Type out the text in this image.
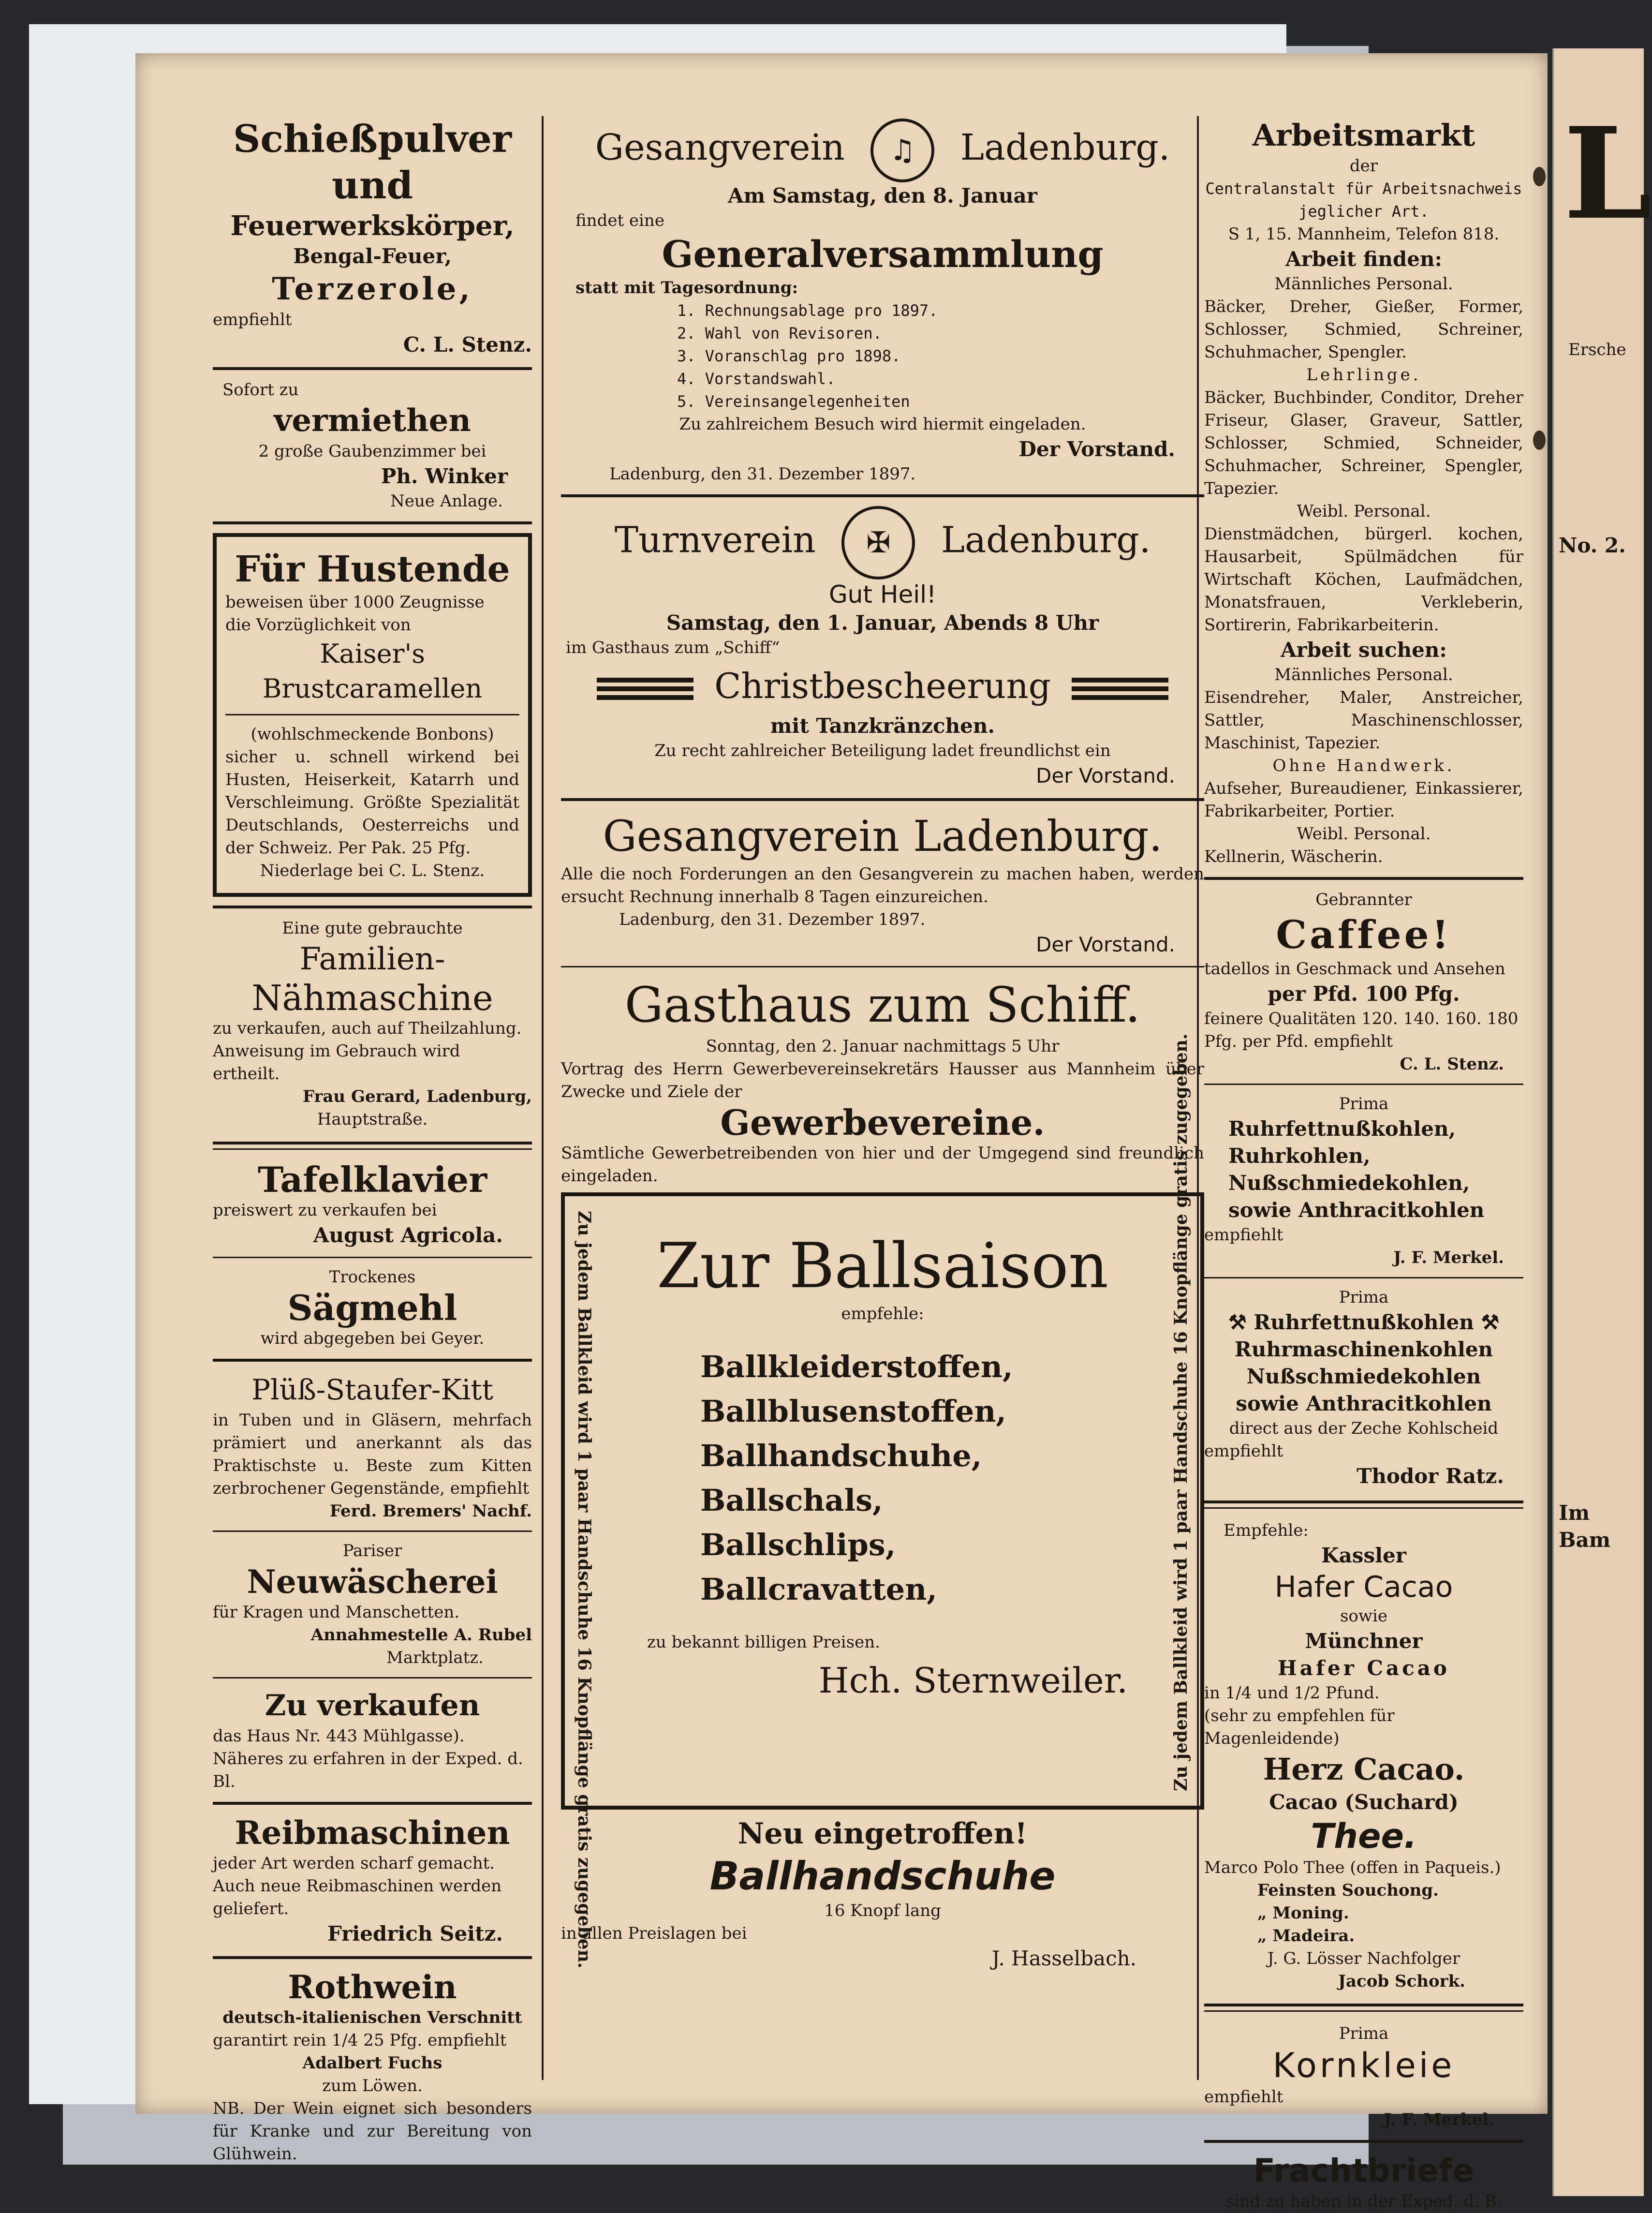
Schießpulver und
Feuerwerkskörper,
Bengal-Feuer,
Terzerole,
empfiehlt
C. L. Stenz.
Sofort zu
vermiethen
2 große Gaubenzimmer bei
Ph. Winker
Neue Anlage.
Für Hustende
beweisen über 1000 Zeugnisse
die Vorzüglichkeit von
Kaiser's Brustcaramellen
(wohlschmeckende Bonbons)
sicher u. schnell wirkend bei Husten, Heiserkeit, Katarrh und Verschleimung. Größte Spezialität Deutschlands, Oesterreichs und der Schweiz. Per Pak. 25 Pfg.
Niederlage bei C. L. Stenz.
Eine gute gebrauchte
Familien-
Nähmaschine
zu verkaufen, auch auf Theilzahlung.
Anweisung im Gebrauch wird ertheilt.
Frau Gerard, Ladenburg,
Hauptstraße.
Tafelklavier
preiswert zu verkaufen bei
August Agricola.
Trockenes
Sägmehl
wird abgegeben bei Geyer.
Plüß-Staufer-Kitt
in Tuben und in Gläsern, mehrfach prämiert und anerkannt als das Praktischste u. Beste zum Kitten zerbrochener Gegenstände, empfiehlt
Ferd. Bremers' Nachf.
Pariser
Neuwäscherei
für Kragen und Manschetten.
Annahmestelle A. Rubel
Marktplatz.
Zu verkaufen
das Haus Nr. 443 Mühlgasse). Näheres zu erfahren in der Exped. d. Bl.
Reibmaschinen
jeder Art werden scharf gemacht. Auch neue Reibmaschinen werden geliefert.
Friedrich Seitz.
Rothwein
deutsch-italienischen Verschnitt
garantirt rein 1/4 25 Pfg. empfiehlt
Adalbert Fuchs
zum Löwen.
NB. Der Wein eignet sich besonders für Kranke und zur Bereitung von Glühwein.
Gesangverein ♫ Ladenburg.
Am Samstag, den 8. Januar
findet eine
Generalversammlung
statt mit Tagesordnung:
1. Rechnungsablage pro 1897.
2. Wahl von Revisoren.
3. Voranschlag pro 1898.
4. Vorstandswahl.
5. Vereinsangelegenheiten
Zu zahlreichem Besuch wird hiermit eingeladen.
Der Vorstand.
Ladenburg, den 31. Dezember 1897.
Turnverein ✠ Ladenburg.
Gut Heil!
Samstag, den 1. Januar, Abends 8 Uhr
im Gasthaus zum „Schiff“
Christbescheerung
mit Tanzkränzchen.
Zu recht zahlreicher Beteiligung ladet freundlichst ein
Der Vorstand.
Gesangverein Ladenburg.
Alle die noch Forderungen an den Gesangverein zu machen haben, werden ersucht Rechnung innerhalb 8 Tagen einzureichen.
Ladenburg, den 31. Dezember 1897.
Der Vorstand.
Gasthaus zum Schiff.
Sonntag, den 2. Januar nachmittags 5 Uhr
Vortrag des Herrn Gewerbevereinsekretärs Hausser aus Mannheim über Zwecke und Ziele der
Gewerbevereine.
Sämtliche Gewerbetreibenden von hier und der Umgegend sind freundlich eingeladen.
Zu jedem Ballkleid wird 1 paar Handschuhe 16 Knopflänge gratis zugegeben.	Zu jedem Ballkleid wird 1 paar Handschuhe 16 Knopflänge gratis zugegeben.
Zur Ballsaison
empfehle:
Ballkleiderstoffen,
Ballblusenstoffen,
Ballhandschuhe,
Ballschals,
Ballschlips,
Ballcravatten,
zu bekannt billigen Preisen.
Hch. Sternweiler.
Neu eingetroffen!
Ballhandschuhe
16 Knopf lang
in allen Preislagen bei
J. Hasselbach.
Arbeitsmarkt
der
Centralanstalt für Arbeitsnachweis
jeglicher Art.
S 1, 15. Mannheim, Telefon 818.
Arbeit finden:
Männliches Personal.
Bäcker, Dreher, Gießer, Former, Schlosser, Schmied, Schreiner, Schuhmacher, Spengler.
Lehrlinge.
Bäcker, Buchbinder, Conditor, Dreher Friseur, Glaser, Graveur, Sattler, Schlosser, Schmied, Schneider, Schuhmacher, Schreiner, Spengler, Tapezier.
Weibl. Personal.
Dienstmädchen, bürgerl. kochen, Hausarbeit, Spülmädchen für Wirtschaft Köchen, Laufmädchen, Monatsfrauen, Verkleberin, Sortirerin, Fabrikarbeiterin.
Arbeit suchen:
Männliches Personal.
Eisendreher, Maler, Anstreicher, Sattler, Maschinenschlosser, Maschinist, Tapezier.
Ohne Handwerk.
Aufseher, Bureaudiener, Einkassierer, Fabrikarbeiter, Portier.
Weibl. Personal.
Kellnerin, Wäscherin.
Gebrannter
Caffee!
tadellos in Geschmack und Ansehen
per Pfd. 100 Pfg.
feinere Qualitäten 120. 140. 160. 180 Pfg. per Pfd. empfiehlt
C. L. Stenz.
Prima
Ruhrfettnußkohlen,
Ruhrkohlen,
Nußschmiedekohlen,
sowie Anthracitkohlen
empfiehlt
J. F. Merkel.
Prima
⚒ Ruhrfettnußkohlen ⚒
Ruhrmaschinenkohlen
Nußschmiedekohlen
sowie Anthracitkohlen
direct aus der Zeche Kohlscheid
empfiehlt
Thodor Ratz.
Empfehle:
Kassler
Hafer Cacao
sowie
Münchner
Hafer Cacao
in 1/4 und 1/2 Pfund.
(sehr zu empfehlen für Magenleidende)
Herz Cacao.
Cacao (Suchard)
Thee.
Marco Polo Thee (offen in Paqueis.)
Feinsten Souchong.
„ Moning.
„ Madeira.
J. G. Lösser Nachfolger
Jacob Schork.
Prima
Kornkleie
empfiehlt
J. F. Merkel.
Frachtbriefe
sind zu haben in der Exped. d. B.
L
Ersche
No. 2.
Im Bam
